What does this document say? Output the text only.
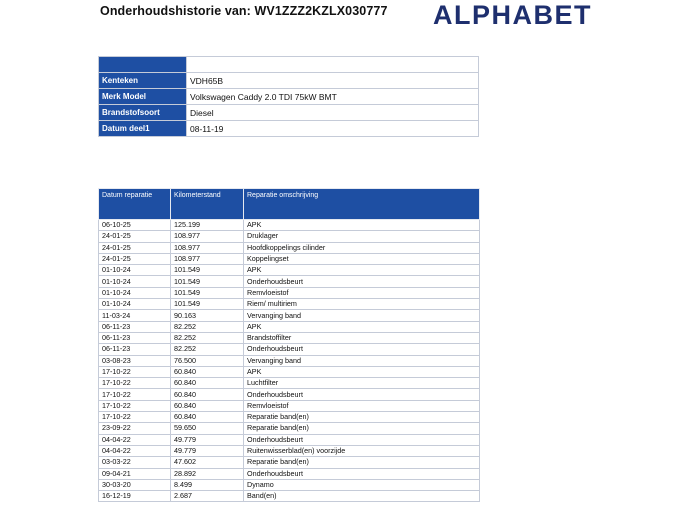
Onderhoudshistorie van: WV1ZZZ2KZLX030777 ALPHABET

Kenteken	VDH65B
Merk Model	Volkswagen Caddy 2.0 TDI 75kW BMT
Brandstofsoort	Diesel
Datum deel1	08-11-19
Datum reparatie	Kilometerstand	Reparatie omschrijving
06-10-25	125.199	APK
24-01-25	108.977	Druklager
24-01-25	108.977	Hoofdkoppelings cilinder
24-01-25	108.977	Koppelingset
01-10-24	101.549	APK
01-10-24	101.549	Onderhoudsbeurt
01-10-24	101.549	Remvloeistof
01-10-24	101.549	Riem/ multiriem
11-03-24	90.163	Vervanging band
06-11-23	82.252	APK
06-11-23	82.252	Brandstoffilter
06-11-23	82.252	Onderhoudsbeurt
03-08-23	76.500	Vervanging band
17-10-22	60.840	APK
17-10-22	60.840	Luchtfilter
17-10-22	60.840	Onderhoudsbeurt
17-10-22	60.840	Remvloeistof
17-10-22	60.840	Reparatie band(en)
23-09-22	59.650	Reparatie band(en)
04-04-22	49.779	Onderhoudsbeurt
04-04-22	49.779	Ruitenwisserblad(en) voorzijde
03-03-22	47.602	Reparatie band(en)
09-04-21	28.892	Onderhoudsbeurt
30-03-20	8.499	Dynamo
16-12-19	2.687	Band(en)
